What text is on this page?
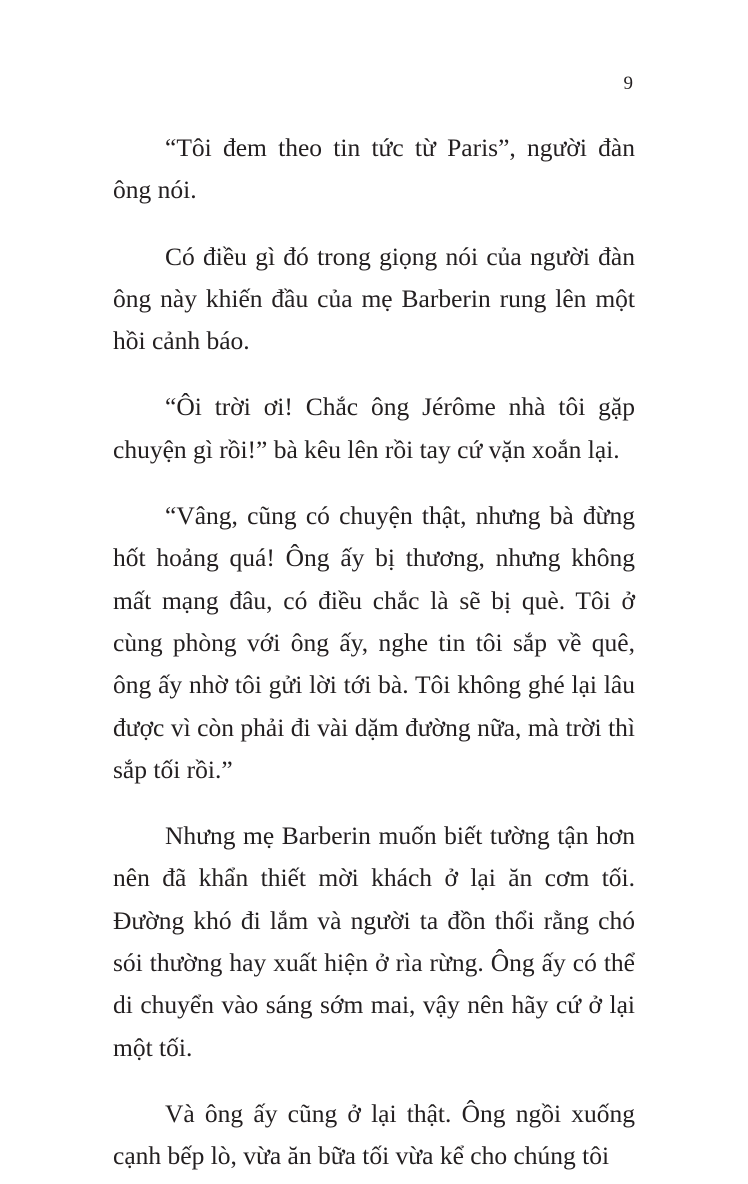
9

“Tôi đem theo tin tức từ Paris”, người đàn ông nói.

Có điều gì đó trong giọng nói của người đàn ông này khiến đầu của mẹ Barberin rung lên một hồi cảnh báo.

“Ôi trời ơi! Chắc ông Jérôme nhà tôi gặp chuyện gì rồi!” bà kêu lên rồi tay cứ vặn xoắn lại.

“Vâng, cũng có chuyện thật, nhưng bà đừng hốt hoảng quá! Ông ấy bị thương, nhưng không mất mạng đâu, có điều chắc là sẽ bị què. Tôi ở cùng phòng với ông ấy, nghe tin tôi sắp về quê, ông ấy nhờ tôi gửi lời tới bà. Tôi không ghé lại lâu được vì còn phải đi vài dặm đường nữa, mà trời thì sắp tối rồi.”

Nhưng mẹ Barberin muốn biết tường tận hơn nên đã khẩn thiết mời khách ở lại ăn cơm tối. Đường khó đi lắm và người ta đồn thổi rằng chó sói thường hay xuất hiện ở rìa rừng. Ông ấy có thể di chuyển vào sáng sớm mai, vậy nên hãy cứ ở lại một tối.

Và ông ấy cũng ở lại thật. Ông ngồi xuống cạnh bếp lò, vừa ăn bữa tối vừa kể cho chúng tôi
